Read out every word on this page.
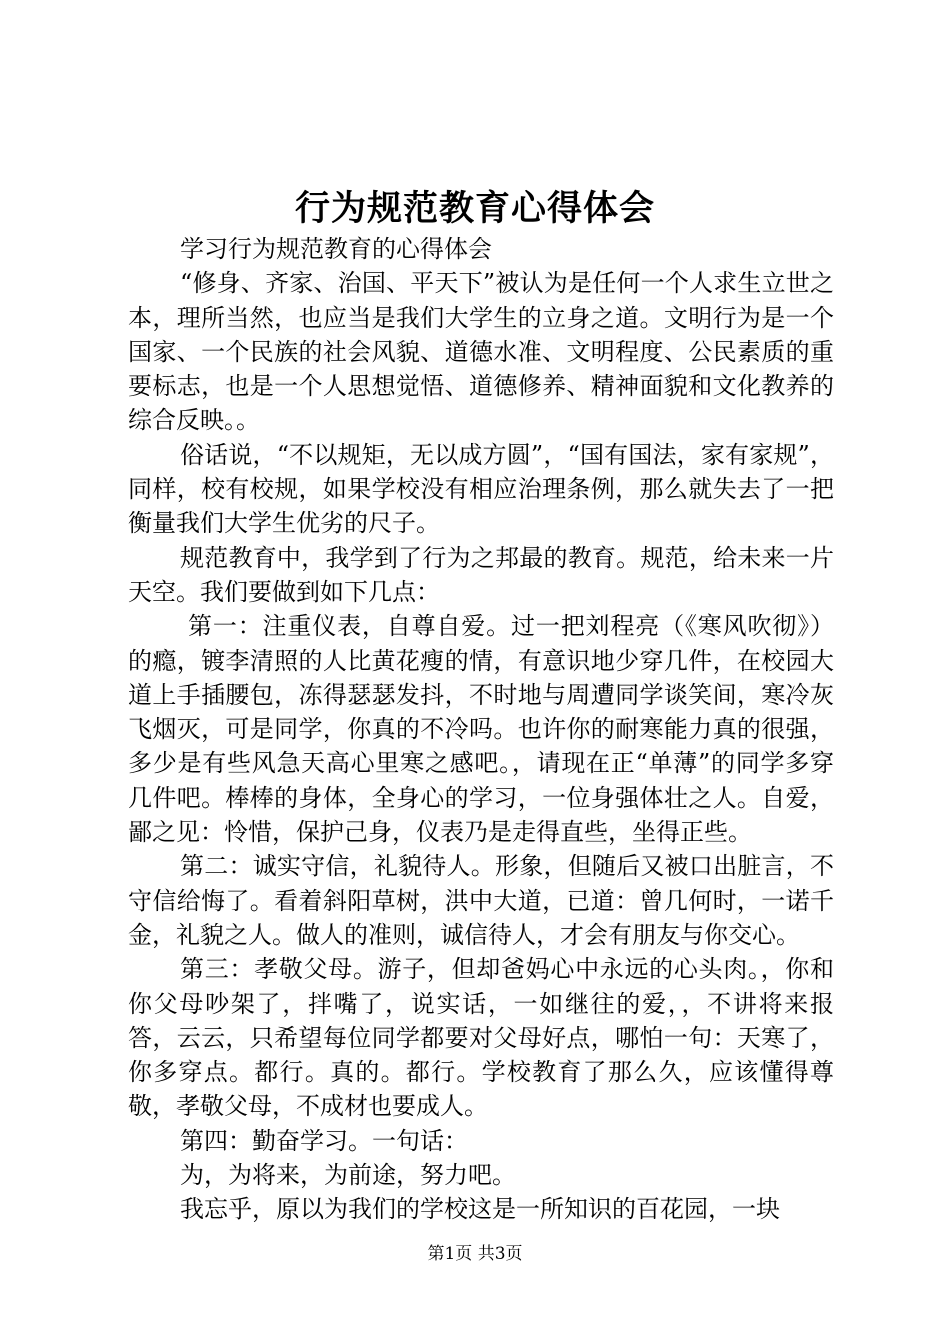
行为规范教育心得体会

学习行为规范教育的心得体会

“修身、齐家、治国、平天下”被认为是任何一个人求生立世之本，理所当然，也应当是我们大学生的立身之道。文明行为是一个国家、一个民族的社会风貌、道德水准、文明程度、公民素质的重要标志，也是一个人思想觉悟、道德修养、精神面貌和文化教养的综合反映。。

俗话说，“不以规矩，无以成方圆”，“国有国法，家有家规”，同样，校有校规，如果学校没有相应治理条例，那么就失去了一把衡量我们大学生优劣的尺子。

规范教育中，我学到了行为之邦最的教育。规范，给未来一片天空。我们要做到如下几点：

第一：注重仪表，自尊自爱。过一把刘程亮（《寒风吹彻》）的瘾，镀李清照的人比黄花瘦的情，有意识地少穿几件，在校园大道上手插腰包，冻得瑟瑟发抖，不时地与周遭同学谈笑间，寒冷灰飞烟灭，可是同学，你真的不冷吗。也许你的耐寒能力真的很强，多少是有些风急天高心里寒之感吧。，请现在正“单薄”的同学多穿几件吧。棒棒的身体，全身心的学习，一位身强体壮之人。自爱，鄙之见：怜惜，保护己身，仪表乃是走得直些，坐得正些。

第二：诚实守信，礼貌待人。形象，但随后又被口出脏言，不守信给悔了。看着斜阳草树，洪中大道，已道：曾几何时，一诺千金，礼貌之人。做人的准则，诚信待人，才会有朋友与你交心。

第三：孝敬父母。游子，但却爸妈心中永远的心头肉。，你和你父母吵架了，拌嘴了，说实话，一如继往的爱，，不讲将来报答，云云，只希望每位同学都要对父母好点，哪怕一句：天寒了，你多穿点。都行。真的。都行。学校教育了那么久，应该懂得尊敬，孝敬父母，不成材也要成人。

第四：勤奋学习。一句话：

为，为将来，为前途，努力吧。

我忘乎，原以为我们的学校这是一所知识的百花园，一块

第1页 共3页
